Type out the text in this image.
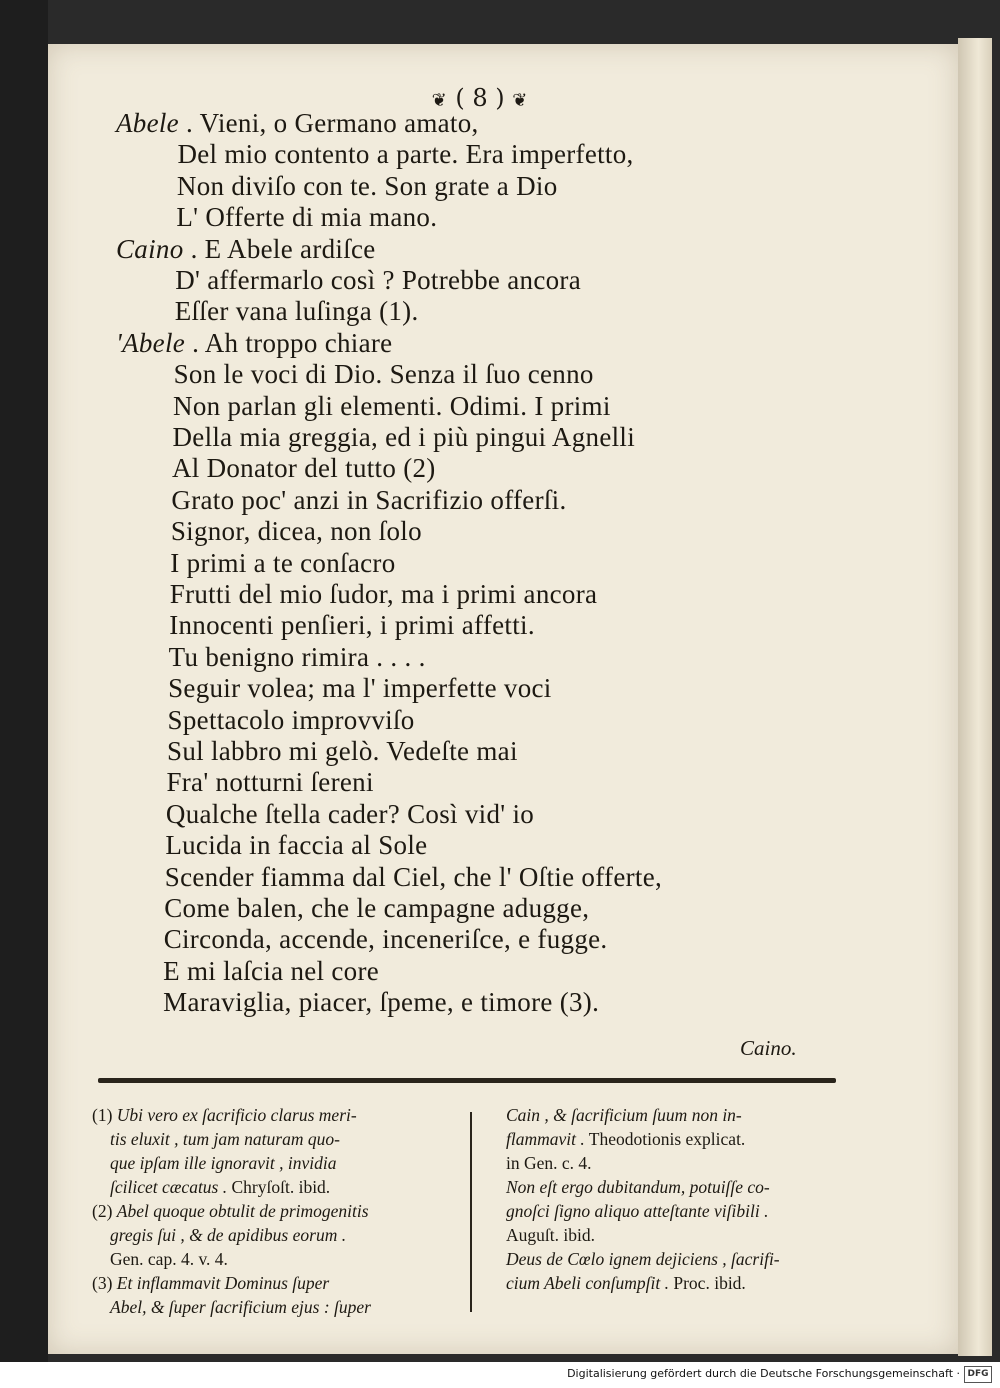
❦ ( 8 ) ❦
Abele . Vieni, o Germano amato,
Del mio contento a parte. Era imperfetto,
Non diviſo con te. Son grate a Dio
L' Offerte di mia mano.
Caino . E Abele ardiſce
D' affermarlo così ? Potrebbe ancora
Eſſer vana luſinga (1).
'Abele . Ah troppo chiare
Son le voci di Dio. Senza il ſuo cenno
Non parlan gli elementi. Odimi. I primi
Della mia greggia, ed i più pingui Agnelli
Al Donator del tutto (2)
Grato poc' anzi in Sacrifizio offerſi.
Signor, dicea, non ſolo
I primi a te conſacro
Frutti del mio ſudor, ma i primi ancora
Innocenti penſieri, i primi affetti.
Tu benigno rimira . . . .
Seguir volea; ma l' imperfette voci
Spettacolo improvviſo
Sul labbro mi gelò. Vedeſte mai
Fra' notturni ſereni
Qualche ſtella cader? Così vid' io
Lucida in faccia al Sole
Scender fiamma dal Ciel, che l' Oſtie offerte,
Come balen, che le campagne adugge,
Circonda, accende, inceneriſce, e fugge.
E mi laſcia nel core
Maraviglia, piacer, ſpeme, e timore (3).
Caino.
(1) Ubi vero ex ſacrificio clarus meri-
tis eluxit , tum jam naturam quo-
que ipſam ille ignoravit , invidia
ſcilicet cæcatus . Chryſoſt. ibid.
(2) Abel quoque obtulit de primogenitis
gregis ſui , & de apidibus eorum .
Gen. cap. 4. v. 4.
(3) Et inflammavit Dominus ſuper
Abel, & ſuper ſacrificium ejus : ſuper
Cain , & ſacrificium ſuum non in-
flammavit . Theodotionis explicat.
in Gen. c. 4.
Non eſt ergo dubitandum, potuiſſe co-
gnoſci ſigno aliquo atteſtante viſibili .
Auguſt. ibid.
Deus de Cœlo ignem dejiciens , ſacrifi-
cium Abeli conſumpſit . Proc. ibid.
Digitalisierung gefördert durch die Deutsche Forschungsgemeinschaft · DFG
